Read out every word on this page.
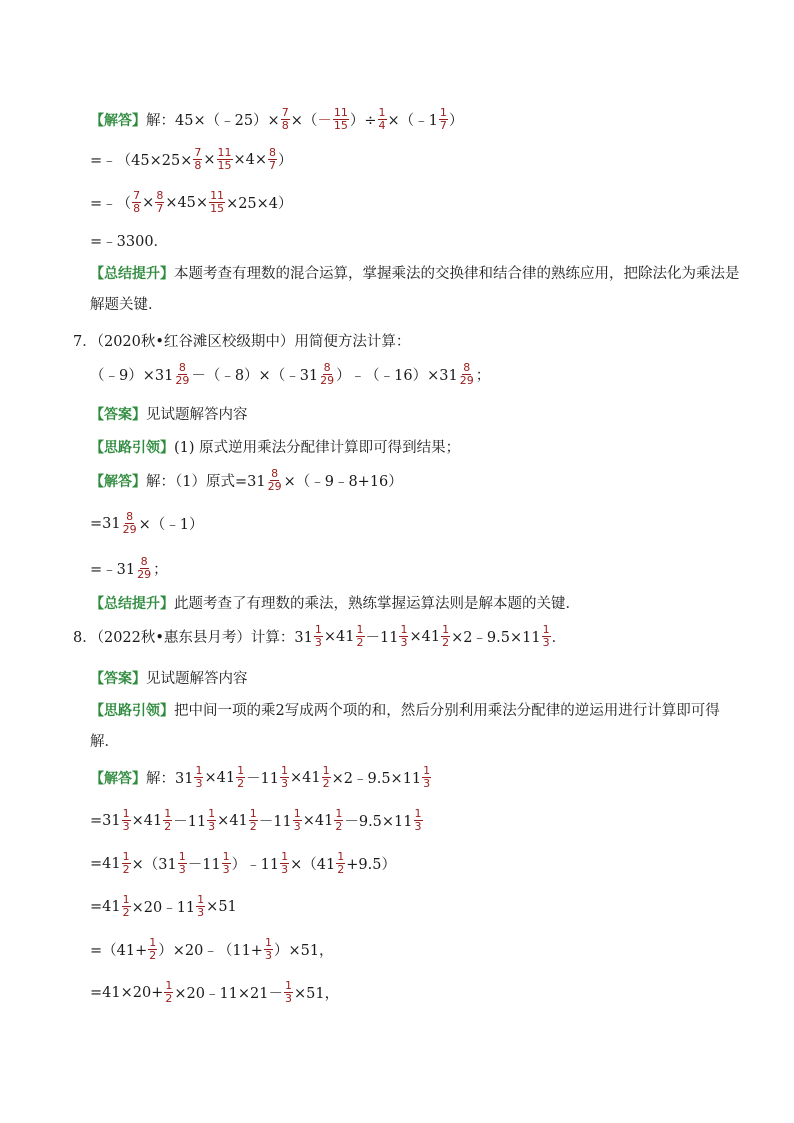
【解答】 解：45×（﹣25）× $\frac{7}{8}$ ×（ － $\frac{11}{15}$ ）÷ $\frac{1}{4}$ ×（﹣1 $\frac{1}{7}$ ）
=﹣（45×25× $\frac{7}{8} \times \frac{11}{15} \times 4\times \frac{8}{7}$ ）
=﹣（ $\frac{7}{8} \times \frac{8}{7} \times 45\times \frac{11}{15} \times 25\times 4$）
=﹣3300．
【总结提升】 本题考查有理数的混合运算，掌握乘法的交换律和结合律的熟练应用，把除法化为乘法是
解题关键．
7．（2020秋•红谷滩区校级期中）用简便方法计算：
（﹣9）×31 $\frac{8}{29}$ －（﹣8）×（﹣31 $\frac{8}{29}$ ）﹣（﹣16）×31 $\frac{8}{29}$ ；
【答案】 见试题解答内容
【思路引领】 (1) 原式逆用乘法分配律计算即可得到结果；
【解答】 解：（1）原式$=31 \frac{8}{29}$ ×（﹣9﹣8+16）
$=31 \frac{8}{29}$ ×（﹣1）
=﹣31 $\frac{8}{29}$ ；
【总结提升】 此题考查了有理数的乘法，熟练掌握运算法则是解本题的关键．
8．（2022秋•惠东县月考）计算：$31 \frac{1}{3} \times 41 \frac{1}{2} -11 \frac{1}{3} \times 41 \frac{1}{2}$ ×2﹣9.5×11 $\frac{1}{3}$ ．
【答案】 见试题解答内容
【思路引领】 把中间一项的乘2写成两个项的和，然后分别利用乘法分配律的逆运用进行计算即可得
解．
【解答】 解：$31 \frac{1}{3} \times 41 \frac{1}{2} -11 \frac{1}{3} \times 41 \frac{1}{2}$ ×2﹣9.5×11 $\frac{1}{3}$
$=31 \frac{1}{3} \times 41 \frac{1}{2} -11 \frac{1}{3} \times 41 \frac{1}{2} -11 \frac{1}{3} \times 41 \frac{1}{2} -9.5\times 11 \frac{1}{3}$
$=41 \frac{1}{2} \times(31 \frac{1}{3} -11 \frac{1}{3}$ ）﹣11 $\frac{1}{3} \times(41 \frac{1}{2} +9.5)$
$=41 \frac{1}{2}$ ×20﹣11 $\frac{1}{3} \times 51$
$=(41+ \frac{1}{2}$ ）×20﹣（11+ $\frac{1}{3} )\times 51$，
$=41\times 20+ \frac{1}{2}$ ×20﹣11×21－ $\frac{1}{3} \times 51$，
